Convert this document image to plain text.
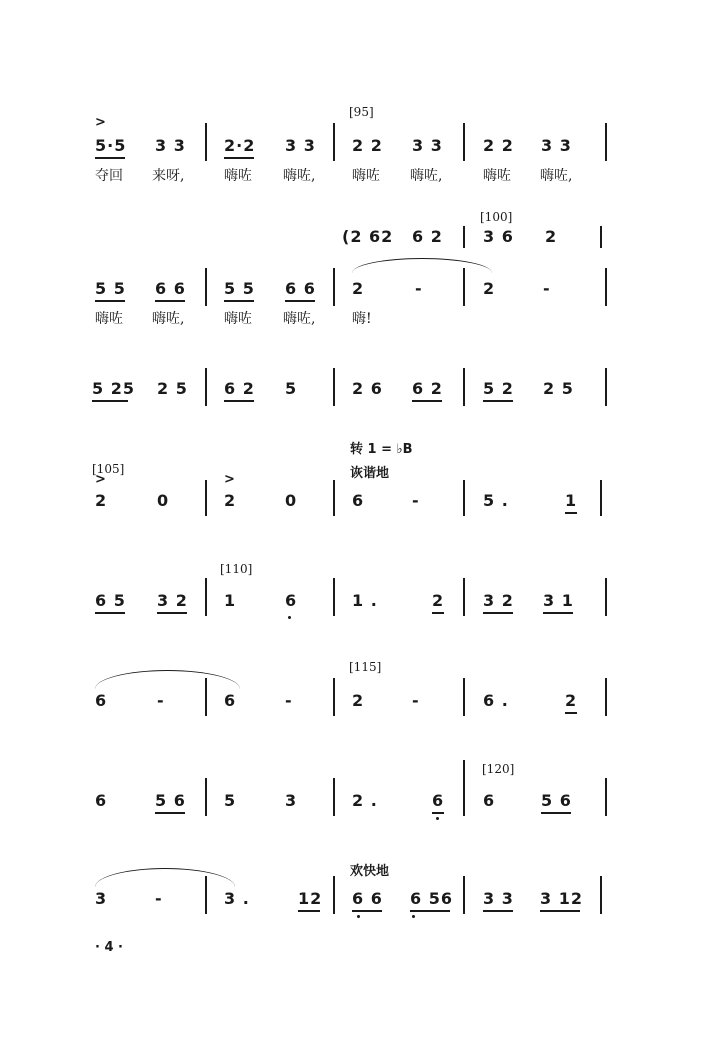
[95]
>
5·5 3 3 2·2 3 3 2 2 3 3	2 2 3 3
夺回 来呀,	嗨咗 嗨咗,	嗨咗 嗨咗,	嗨咗 嗨咗,
[100]
(2 62 6 2	3 6 2
5 5 6 6 5 5 6 6 2	-	2	-
嗨咗 嗨咗,	嗨咗 嗨咗,	嗨!
5 25 2 5 6 2 5	2 6 6 2	5 2 2 5
转 1 = ♭B
[105]	诙谐地
>	>
2	0	2	0	6	-	5 .	1
[110]
6 5 3 2 1	6	1 .	2 3 2 3 1
[115]
6	-	6	-	2	-	6 .	2
[120]
6	5 6 5	3	2 .	6 6	5 6
欢快地
3	-	3 .	12 6 6 6 56 3 3 3 12
· 4 ·
